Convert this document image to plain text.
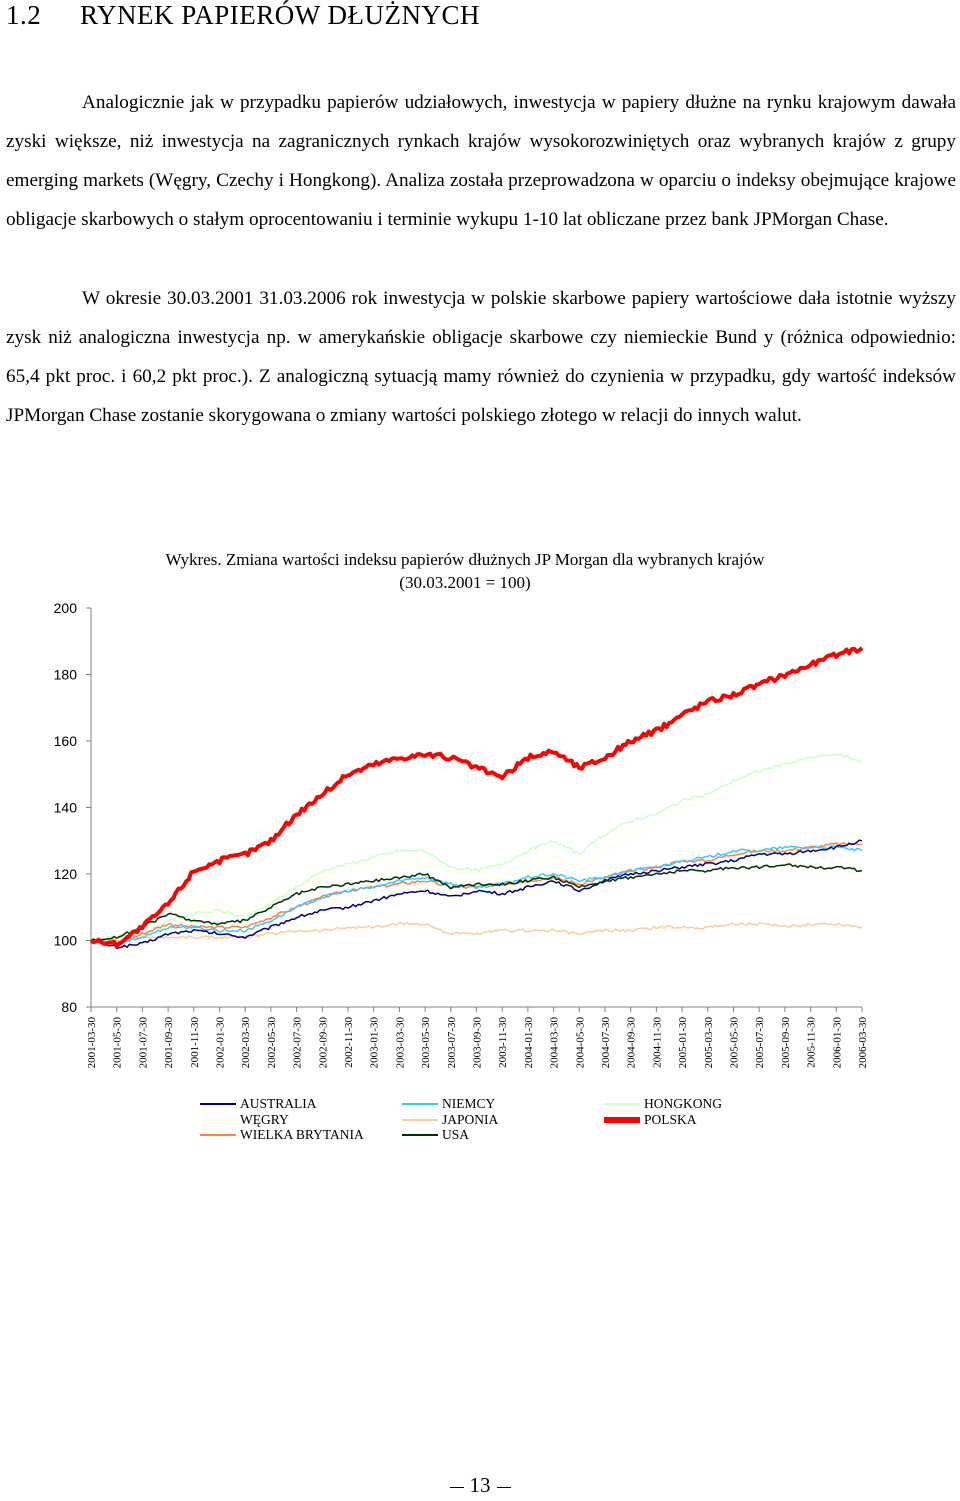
1.2 RYNEK PAPIERÓW DŁUŻNYCH

Analogicznie jak w przypadku papierów udziałowych, inwestycja w papiery dłużne na rynku krajowym dawała zyski większe, niż inwestycja na zagranicznych rynkach krajów wysokorozwiniętych oraz wybranych krajów z grupy emerging markets (Węgry, Czechy i Hongkong). Analiza została przeprowadzona w oparciu o indeksy obejmujące krajowe obligacje skarbowych o stałym oprocentowaniu i terminie wykupu 1-10 lat obliczane przez bank JPMorgan Chase.

W okresie 30.03.2001 31.03.2006 rok inwestycja w polskie skarbowe papiery wartościowe dała istotnie wyższy zysk niż analogiczna inwestycja np. w amerykańskie obligacje skarbowe czy niemieckie Bund y (różnica odpowiednio: 65,4 pkt proc. i 60,2 pkt proc.). Z analogiczną sytuacją mamy również do czynienia w przypadku, gdy wartość indeksów JPMorgan Chase zostanie skorygowana o zmiany wartości polskiego złotego w relacji do innych walut.

Wykres. Zmiana wartości indeksu papierów dłużnych JP Morgan dla wybranych krajów
(30.03.2001 = 100)
80
100
120
140
160
180
200
2001-03-30 2001-05-30 2001-07-30 2001-09-30 2001-11-30 2002-01-30 2002-03-30 2002-05-30 2002-07-30 2002-09-30 2002-11-30 2003-01-30 2003-03-30 2003-05-30 2003-07-30 2003-09-30 2003-11-30 2004-01-30 2004-03-30 2004-05-30 2004-07-30 2004-09-30 2004-11-30 2005-01-30 2005-03-30 2005-05-30 2005-07-30 2005-09-30 2005-11-30 2006-01-30 2006-03-30
AUSTRALIA
WĘGRY
WIELKA BRYTANIA
NIEMCY
JAPONIA
USA
HONGKONG
POLSKA
13
